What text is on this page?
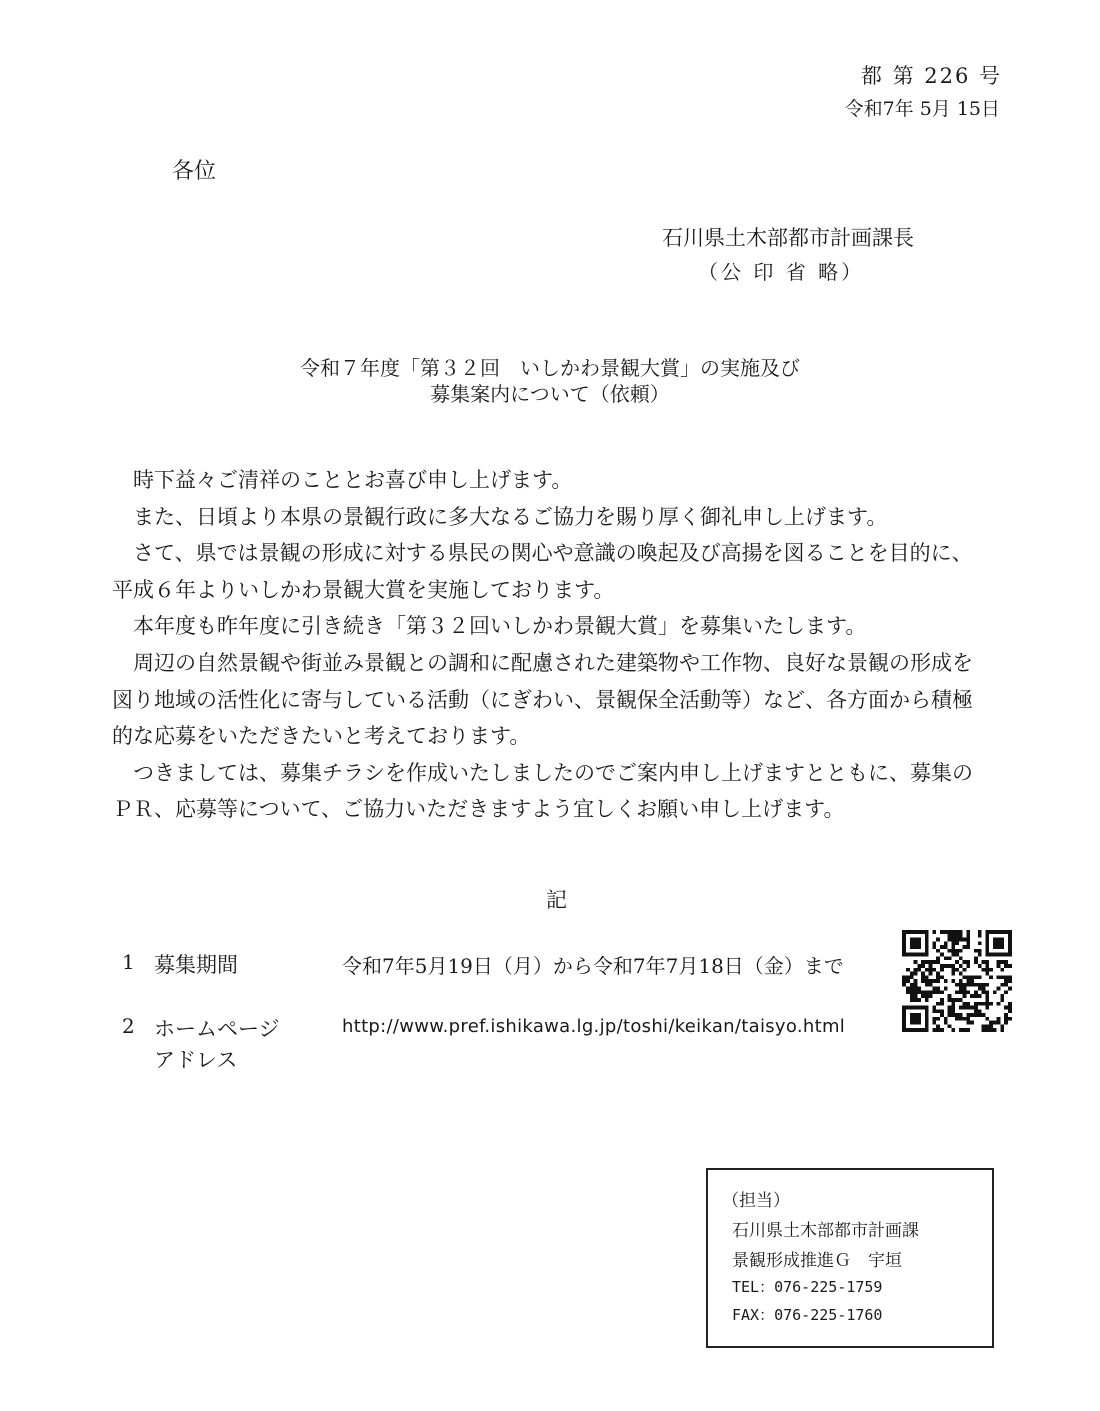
都 第 226 号
令和7年 5月 15日
各位
石川県土木部都市計画課長
（公 印 省 略）
令和７年度「第３２回　いしかわ景観大賞」の実施及び
募集案内について（依頼）

時下益々ご清祥のこととお喜び申し上げます。

また、日頃より本県の景観行政に多大なるご協力を賜り厚く御礼申し上げます。

さて、県では景観の形成に対する県民の関心や意識の喚起及び高揚を図ることを目的に、平成６年よりいしかわ景観大賞を実施しております。

本年度も昨年度に引き続き「第３２回いしかわ景観大賞」を募集いたします。

周辺の自然景観や街並み景観との調和に配慮された建築物や工作物、良好な景観の形成を図り地域の活性化に寄与している活動（にぎわい、景観保全活動等）など、各方面から積極的な応募をいただきたいと考えております。

つきましては、募集チラシを作成いたしましたのでご案内申し上げますとともに、募集のＰＲ、応募等について、ご協力いただきますよう宜しくお願い申し上げます。

記
1 募集期間	令和7年5月19日（月）から令和7年7月18日（金）まで
2 ホームページ
アドレス
http://www.pref.ishikawa.lg.jp/toshi/keikan/taisyo.html
（担当）
石川県土木部都市計画課
景観形成推進Ｇ　宇垣
TEL：076-225-1759
FAX：076-225-1760
